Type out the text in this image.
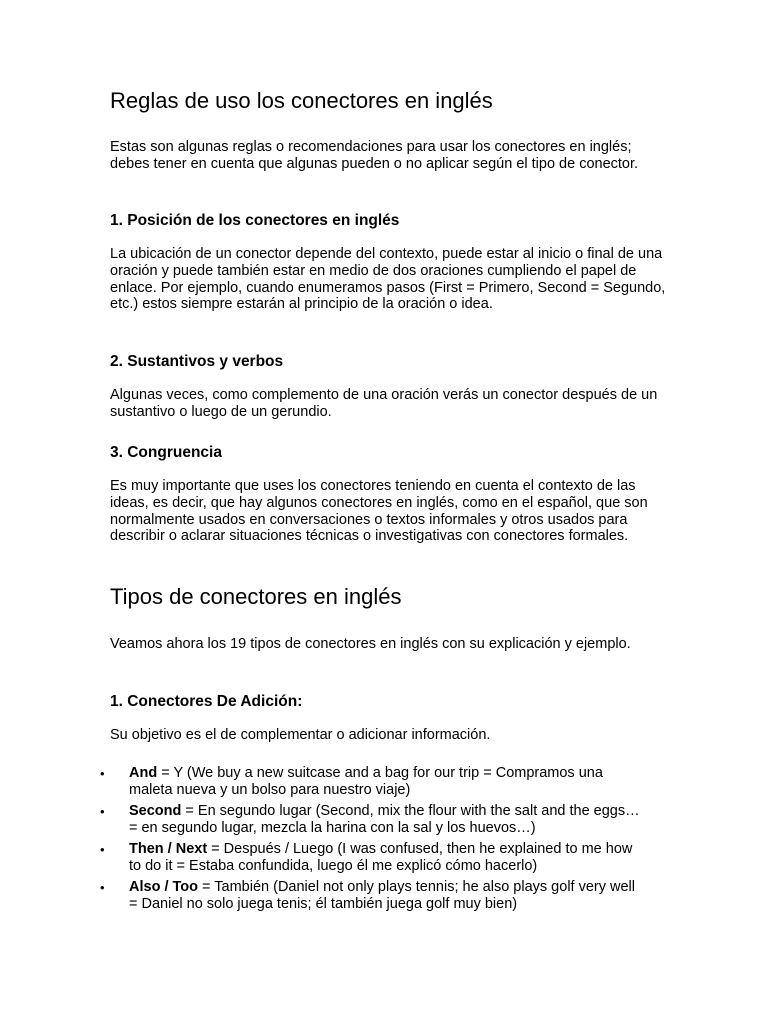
Reglas de uso los conectores en inglés

Estas son algunas reglas o recomendaciones para usar los conectores en inglés; debes tener en cuenta que algunas pueden o no aplicar según el tipo de conector.

1. Posición de los conectores en inglés

La ubicación de un conector depende del contexto, puede estar al inicio o final de una oración y puede también estar en medio de dos oraciones cumpliendo el papel de enlace. Por ejemplo, cuando enumeramos pasos (First = Primero, Second = Segundo, etc.) estos siempre estarán al principio de la oración o idea.

2. Sustantivos y verbos

Algunas veces, como complemento de una oración verás un conector después de un sustantivo o luego de un gerundio.

3. Congruencia

Es muy importante que uses los conectores teniendo en cuenta el contexto de las ideas, es decir, que hay algunos conectores en inglés, como en el español, que son normalmente usados en conversaciones o textos informales y otros usados para describir o aclarar situaciones técnicas o investigativas con conectores formales.

Tipos de conectores en inglés

Veamos ahora los 19 tipos de conectores en inglés con su explicación y ejemplo.

1. Conectores De Adición:

Su objetivo es el de complementar o adicionar información.

• And = Y (We buy a new suitcase and a bag for our trip = Compramos una maleta nueva y un bolso para nuestro viaje)
• Second = En segundo lugar (Second, mix the flour with the salt and the eggs… = en segundo lugar, mezcla la harina con la sal y los huevos…)
• Then / Next = Después / Luego (I was confused, then he explained to me how to do it = Estaba confundida, luego él me explicó cómo hacerlo)
• Also / Too = También (Daniel not only plays tennis; he also plays golf very well = Daniel no solo juega tenis; él también juega golf muy bien)
